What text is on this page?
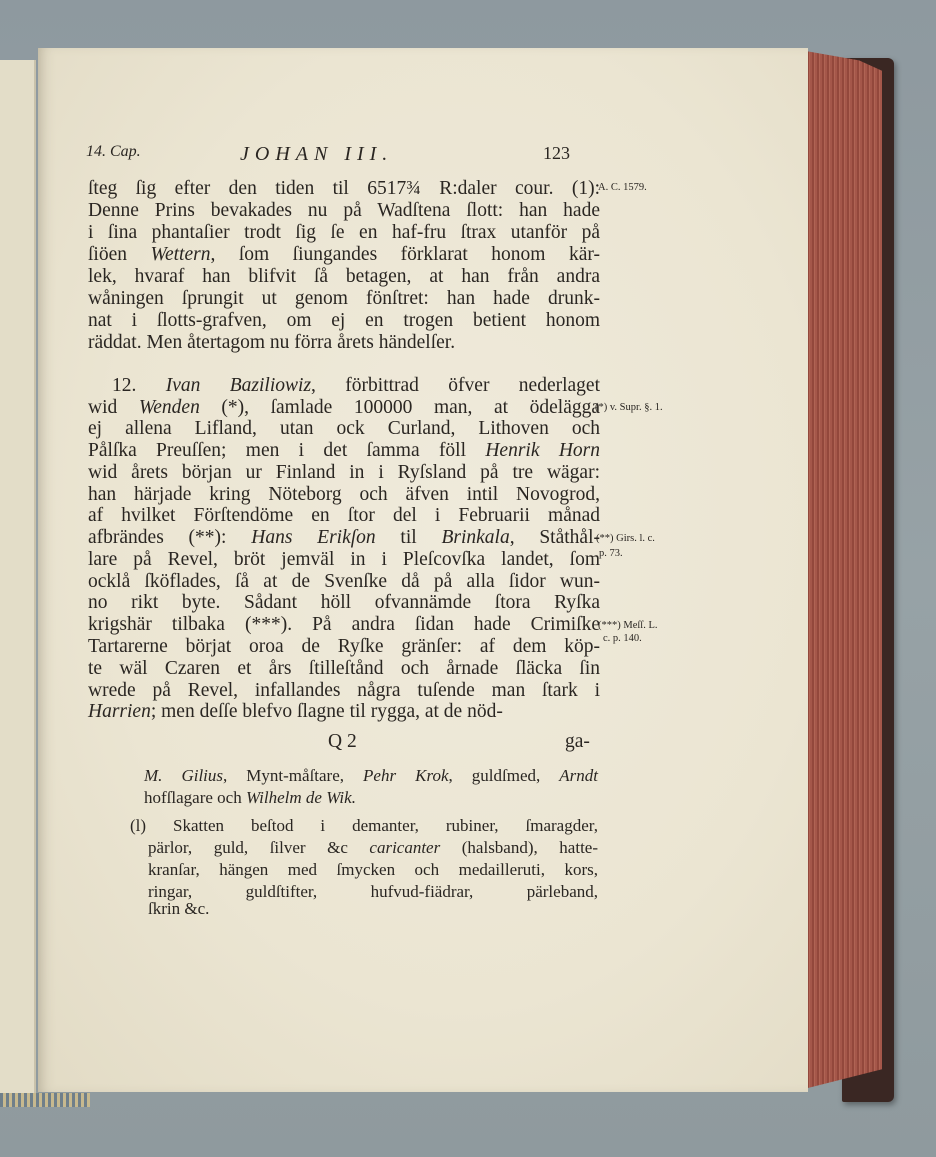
14. Cap.	JOHAN III.	123
ſteg ſig efter den tiden til 6517¾ R:daler cour. (1):
Denne Prins bevakades nu på Wadſtena ſlott: han hade
i ſina phantaſier trodt ſig ſe en haf-fru ſtrax utanför på
ſiöen Wettern, ſom ſiungandes förklarat honom kär-
lek, hvaraf han blifvit ſå betagen, at han från andra
wåningen ſprungit ut genom fönſtret: han hade drunk-
nat i ſlotts-grafven, om ej en trogen betient honom
räddat. Men återtagom nu förra årets händelſer.
12. Ivan Baziliowiz, förbittrad öfver nederlaget
wid Wenden (*), ſamlade 100000 man, at ödelägga
ej allena Lifland, utan ock Curland, Lithoven och
Pålſka Preuſſen; men i det ſamma föll Henrik Horn
wid årets början ur Finland in i Ryſsland på tre wägar:
han härjade kring Nöteborg och äfven intil Novogrod,
af hvilket Förſtendöme en ſtor del i Februarii månad
afbrändes (**): Hans Erikſon til Brinkala, Ståthål-
lare på Revel, bröt jemväl in i Pleſcovſka landet, ſom
ocklå ſköflades, ſå at de Svenſke då på alla ſidor wun-
no rikt byte. Sådant höll ofvannämde ſtora Ryſka
krigshär tilbaka (***). På andra ſidan hade Crimiſke
Tartarerne börjat oroa de Ryſke gränſer: af dem köp-
te wäl Czaren et års ſtilleſtånd och årnade ſläcka ſin
wrede på Revel, infallandes några tuſende man ſtark i
Harrien; men deſſe blefvo ſlagne til rygga, at de nöd-
M. Gilius, Mynt-måſtare, Pehr Krok, guldſmed, Arndt
hofſlagare och Wilhelm de Wik.
(l) Skatten beſtod i demanter, rubiner, ſmaragder,
pärlor, guld, ſilver &c caricanter (halsband), hatte-
kranſar, hängen med ſmycken och medailleruti, kors,
ringar, guldſtifter, hufvud-fiädrar, pärleband,
ſkrin &c.
Q 2	ga-
A. C. 1579.
(*) v. Supr. §. 1.
(**) Girs. l. c.
p. 73.
(***) Meſſ. L.
c. p. 140.
